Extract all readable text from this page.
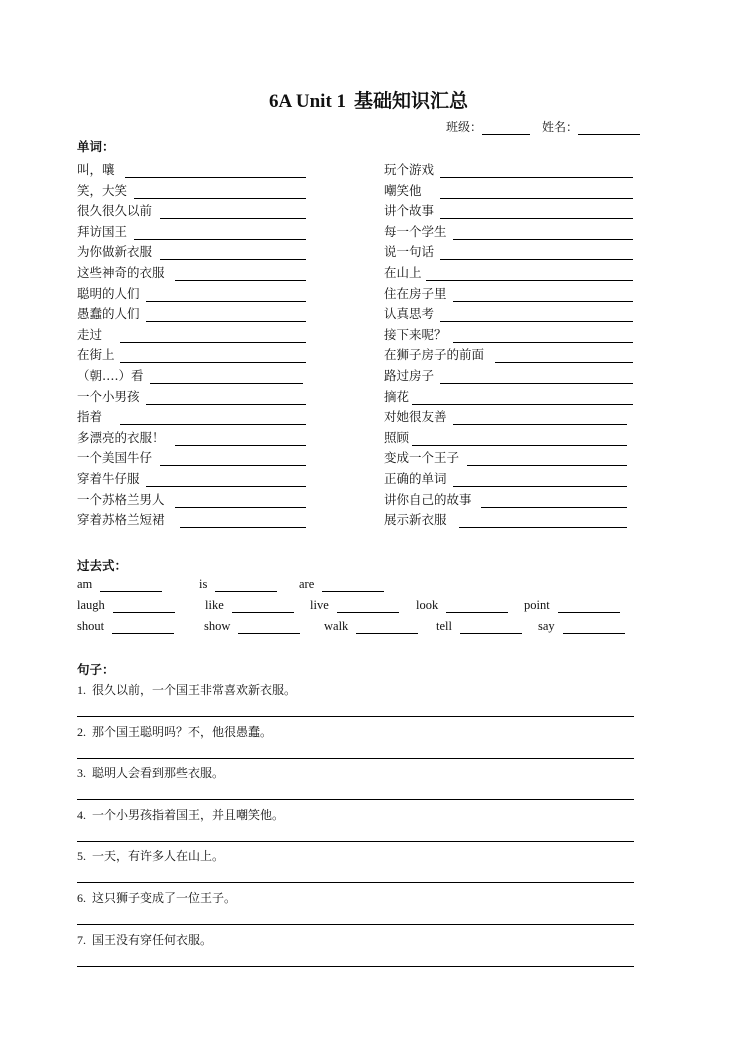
6A Unit 1 基础知识汇总
班级：	姓名：
单词：
叫，嚷
笑，大笑
很久很久以前
拜访国王
为你做新衣服
这些神奇的衣服
聪明的人们
愚蠢的人们
走过
在街上
（朝….）看
一个小男孩
指着
多漂亮的衣服！
一个美国牛仔
穿着牛仔服
一个苏格兰男人
穿着苏格兰短裙
玩个游戏
嘲笑他
讲个故事
每一个学生
说一句话
在山上
住在房子里
认真思考
接下来呢？
在狮子房子的前面
路过房子
摘花
对她很友善
照顾
变成一个王子
正确的单词
讲你自己的故事
展示新衣服
过去式：
am	is	are
laugh	like	live	look	point
shout	show	walk	tell	say
句子：
1. 很久以前，一个国王非常喜欢新衣服。
2. 那个国王聪明吗？不，他很愚蠢。
3. 聪明人会看到那些衣服。
4. 一个小男孩指着国王，并且嘲笑他。
5. 一天，有许多人在山上。
6. 这只狮子变成了一位王子。
7. 国王没有穿任何衣服。
